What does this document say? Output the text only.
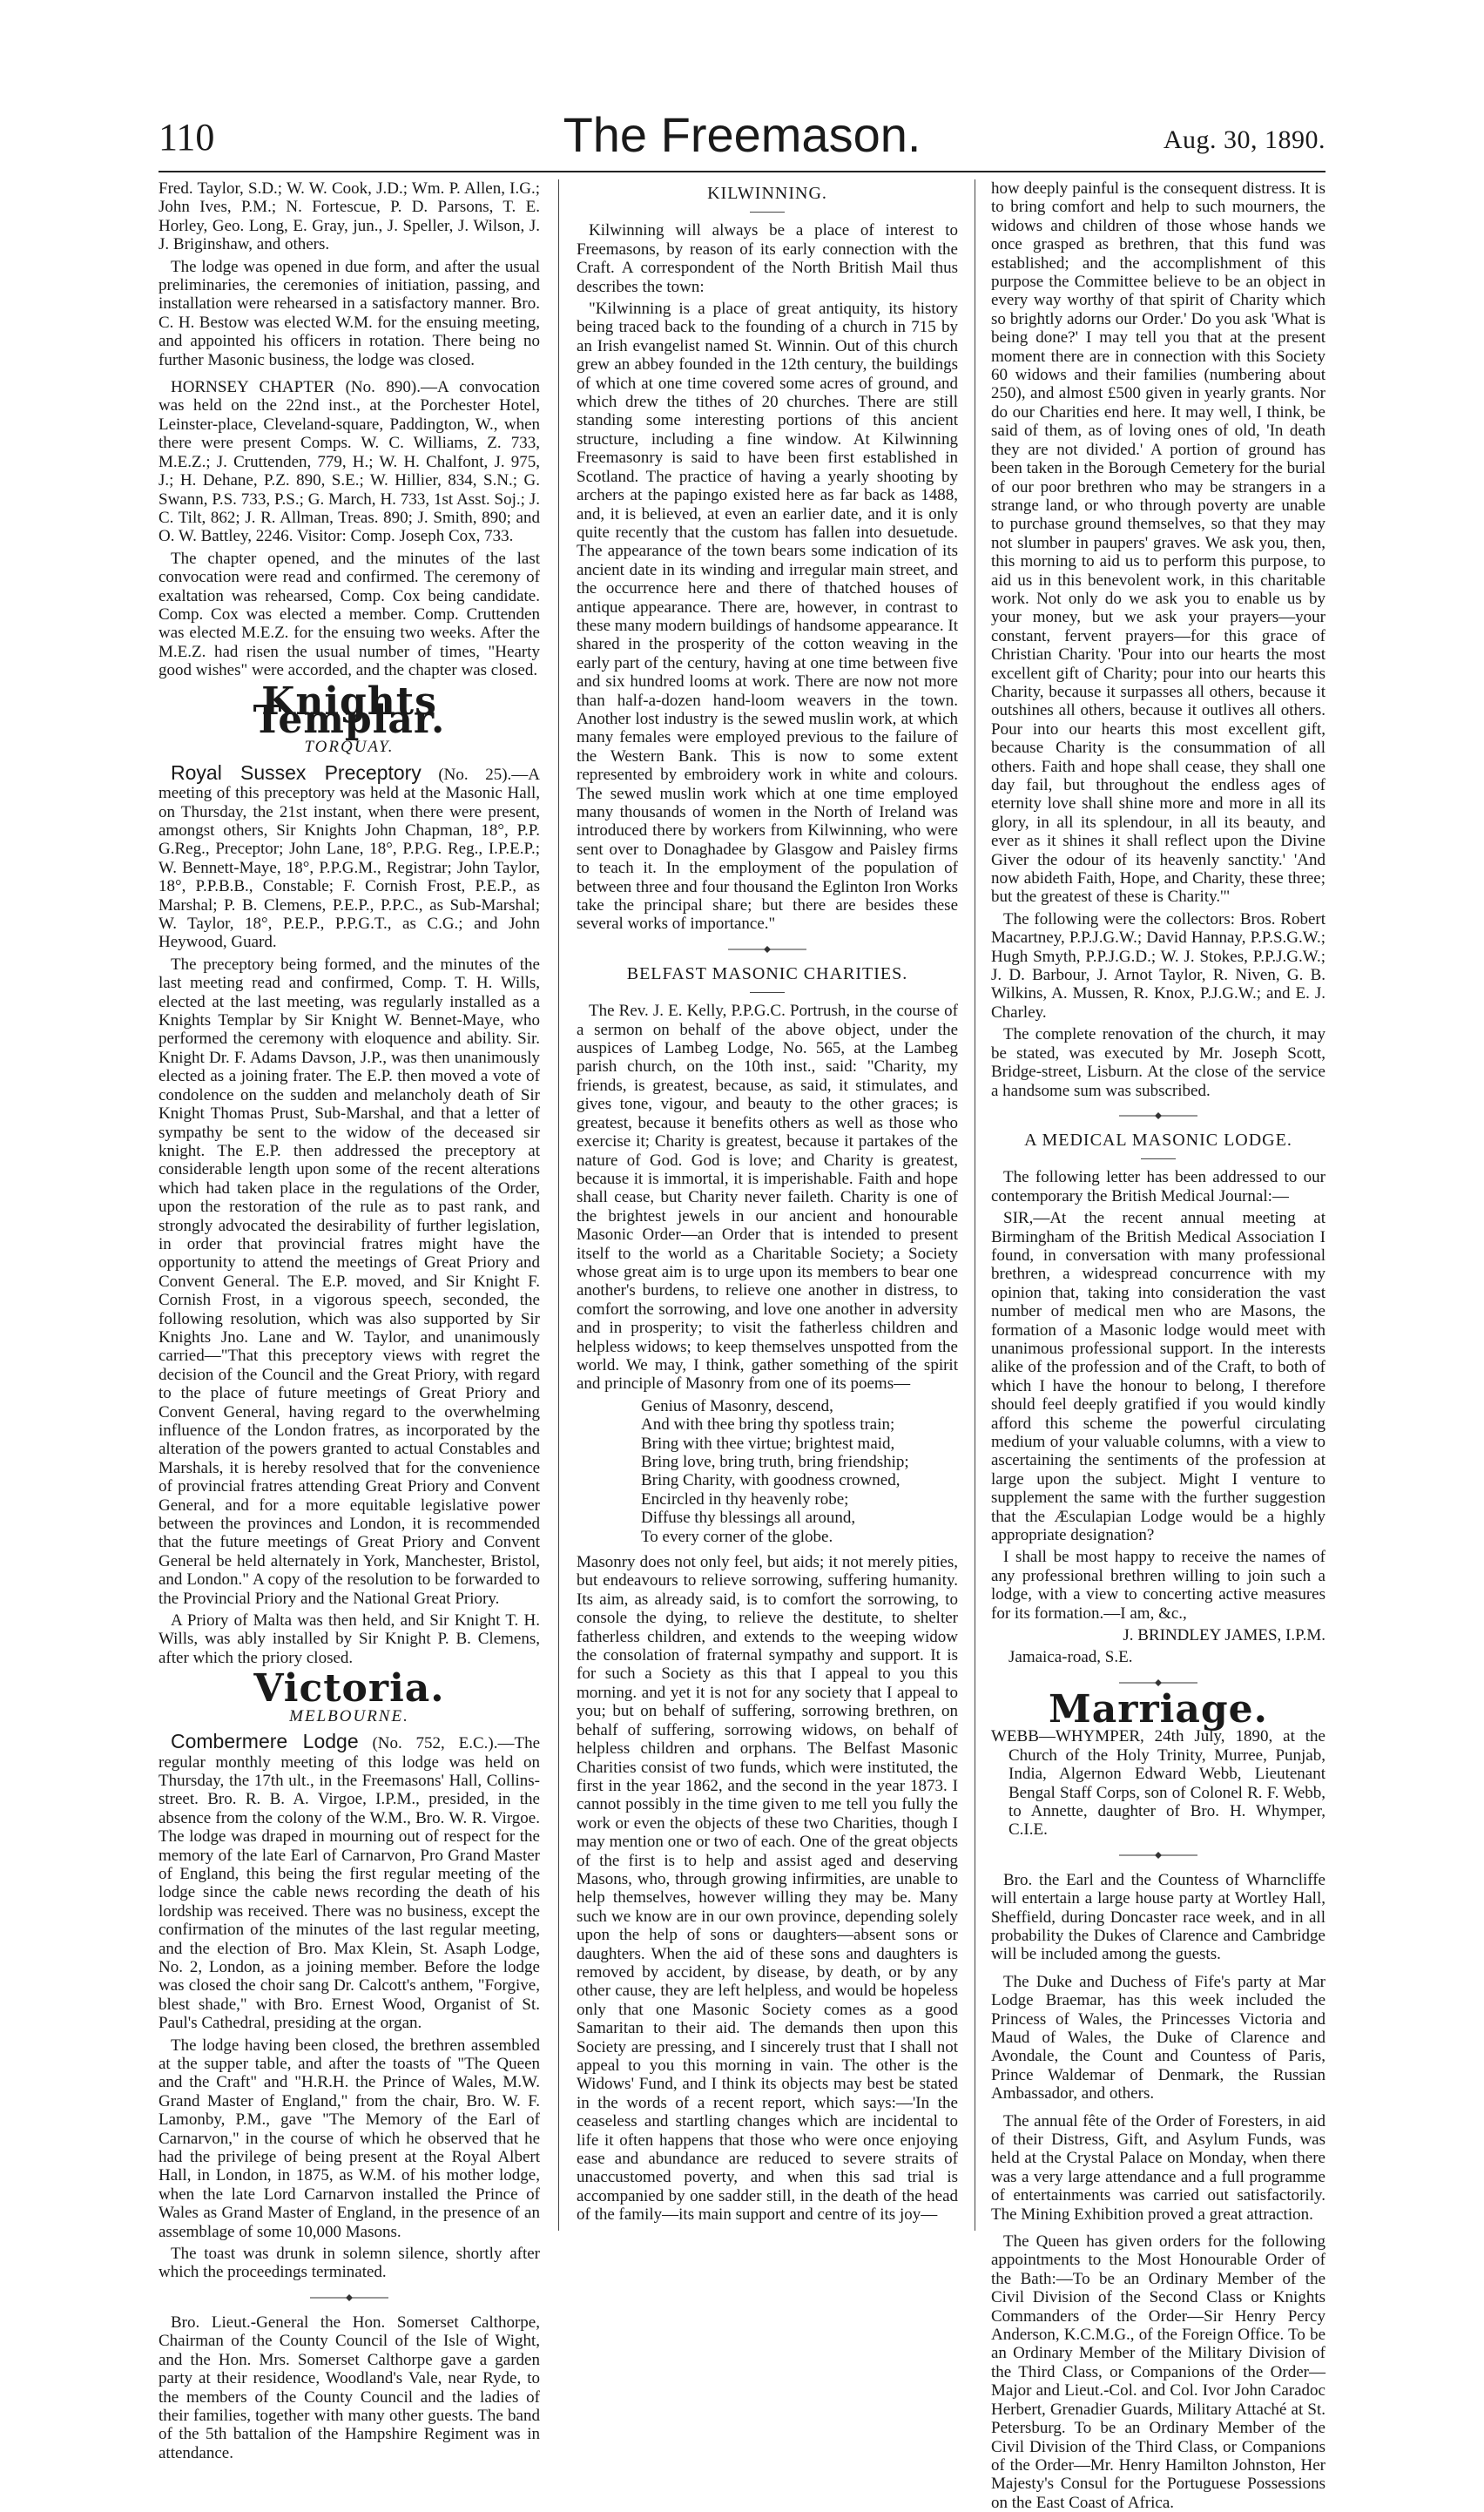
110	The Freemason.	Aug. 30, 1890.

Fred. Taylor, S.D.; W. W. Cook, J.D.; Wm. P. Allen, I.G.; John Ives, P.M.; N. Fortescue, P. D. Parsons, T. E. Horley, Geo. Long, E. Gray, jun., J. Speller, J. Wilson, J. J. Briginshaw, and others.

The lodge was opened in due form, and after the usual preliminaries, the ceremonies of initiation, passing, and installation were rehearsed in a satisfactory manner. Bro. C. H. Bestow was elected W.M. for the ensuing meeting, and appointed his officers in rotation. There being no further Masonic business, the lodge was closed.

HORNSEY CHAPTER (No. 890).—A convocation was held on the 22nd inst., at the Porchester Hotel, Leinster-place, Cleveland-square, Paddington, W., when there were present Comps. W. C. Williams, Z. 733, M.E.Z.; J. Cruttenden, 779, H.; W. H. Chalfont, J. 975, J.; H. Dehane, P.Z. 890, S.E.; W. Hillier, 834, S.N.; G. Swann, P.S. 733, P.S.; G. March, H. 733, 1st Asst. Soj.; J. C. Tilt, 862; J. R. Allman, Treas. 890; J. Smith, 890; and O. W. Battley, 2246. Visitor: Comp. Joseph Cox, 733.

The chapter opened, and the minutes of the last convocation were read and confirmed. The ceremony of exaltation was rehearsed, Comp. Cox being candidate. Comp. Cox was elected a member. Comp. Cruttenden was elected M.E.Z. for the ensuing two weeks. After the M.E.Z. had risen the usual number of times, "Hearty good wishes" were accorded, and the chapter was closed.

Knights Templar.
TORQUAY.

Royal Sussex Preceptory (No. 25).—A meeting of this preceptory was held at the Masonic Hall, on Thursday, the 21st instant, when there were present, amongst others, Sir Knights John Chapman, 18°, P.P. G.Reg., Preceptor; John Lane, 18°, P.P.G. Reg., I.P.E.P.; W. Bennett-Maye, 18°, P.P.G.M., Registrar; John Taylor, 18°, P.P.B.B., Constable; F. Cornish Frost, P.E.P., as Marshal; P. B. Clemens, P.E.P., P.P.C., as Sub-Marshal; W. Taylor, 18°, P.E.P., P.P.G.T., as C.G.; and John Heywood, Guard.

The preceptory being formed, and the minutes of the last meeting read and confirmed, Comp. T. H. Wills, elected at the last meeting, was regularly installed as a Knights Templar by Sir Knight W. Bennet-Maye, who performed the ceremony with eloquence and ability. Sir. Knight Dr. F. Adams Davson, J.P., was then unanimously elected as a joining frater. The E.P. then moved a vote of condolence on the sudden and melancholy death of Sir Knight Thomas Prust, Sub-Marshal, and that a letter of sympathy be sent to the widow of the deceased sir knight. The E.P. then addressed the preceptory at considerable length upon some of the recent alterations which had taken place in the regulations of the Order, upon the restoration of the rule as to past rank, and strongly advocated the desirability of further legislation, in order that provincial fratres might have the opportunity to attend the meetings of Great Priory and Convent General. The E.P. moved, and Sir Knight F. Cornish Frost, in a vigorous speech, seconded, the following resolution, which was also supported by Sir Knights Jno. Lane and W. Taylor, and unanimously carried—"That this preceptory views with regret the decision of the Council and the Great Priory, with regard to the place of future meetings of Great Priory and Convent General, having regard to the overwhelming influence of the London fratres, as incorporated by the alteration of the powers granted to actual Constables and Marshals, it is hereby resolved that for the convenience of provincial fratres attending Great Priory and Convent General, and for a more equitable legislative power between the provinces and London, it is recommended that the future meetings of Great Priory and Convent General be held alternately in York, Manchester, Bristol, and London." A copy of the resolution to be forwarded to the Provincial Priory and the National Great Priory.

A Priory of Malta was then held, and Sir Knight T. H. Wills, was ably installed by Sir Knight P. B. Clemens, after which the priory closed.

Victoria.
MELBOURNE.

Combermere Lodge (No. 752, E.C.).—The regular monthly meeting of this lodge was held on Thursday, the 17th ult., in the Freemasons' Hall, Collins-street. Bro. R. B. A. Virgoe, I.P.M., presided, in the absence from the colony of the W.M., Bro. W. R. Virgoe. The lodge was draped in mourning out of respect for the memory of the late Earl of Carnarvon, Pro Grand Master of England, this being the first regular meeting of the lodge since the cable news recording the death of his lordship was received. There was no business, except the confirmation of the minutes of the last regular meeting, and the election of Bro. Max Klein, St. Asaph Lodge, No. 2, London, as a joining member. Before the lodge was closed the choir sang Dr. Calcott's anthem, "Forgive, blest shade," with Bro. Ernest Wood, Organist of St. Paul's Cathedral, presiding at the organ.

The lodge having been closed, the brethren assembled at the supper table, and after the toasts of "The Queen and the Craft" and "H.R.H. the Prince of Wales, M.W. Grand Master of England," from the chair, Bro. W. F. Lamonby, P.M., gave "The Memory of the Earl of Carnarvon," in the course of which he observed that he had the privilege of being present at the Royal Albert Hall, in London, in 1875, as W.M. of his mother lodge, when the late Lord Carnarvon installed the Prince of Wales as Grand Master of England, in the presence of an assemblage of some 10,000 Masons.

The toast was drunk in solemn silence, shortly after which the proceedings terminated.

Bro. Lieut.-General the Hon. Somerset Calthorpe, Chairman of the County Council of the Isle of Wight, and the Hon. Mrs. Somerset Calthorpe gave a garden party at their residence, Woodland's Vale, near Ryde, to the members of the County Council and the ladies of their families, together with many other guests. The band of the 5th battalion of the Hampshire Regiment was in attendance.

KILWINNING.

Kilwinning will always be a place of interest to Freemasons, by reason of its early connection with the Craft. A correspondent of the North British Mail thus describes the town:

"Kilwinning is a place of great antiquity, its history being traced back to the founding of a church in 715 by an Irish evangelist named St. Winnin. Out of this church grew an abbey founded in the 12th century, the buildings of which at one time covered some acres of ground, and which drew the tithes of 20 churches. There are still standing some interesting portions of this ancient structure, including a fine window. At Kilwinning Freemasonry is said to have been first established in Scotland. The practice of having a yearly shooting by archers at the papingo existed here as far back as 1488, and, it is believed, at even an earlier date, and it is only quite recently that the custom has fallen into desuetude. The appearance of the town bears some indication of its ancient date in its winding and irregular main street, and the occurrence here and there of thatched houses of antique appearance. There are, however, in contrast to these many modern buildings of handsome appearance. It shared in the prosperity of the cotton weaving in the early part of the century, having at one time between five and six hundred looms at work. There are now not more than half-a-dozen hand-loom weavers in the town. Another lost industry is the sewed muslin work, at which many females were employed previous to the failure of the Western Bank. This is now to some extent represented by embroidery work in white and colours. The sewed muslin work which at one time employed many thousands of women in the North of Ireland was introduced there by workers from Kilwinning, who were sent over to Donaghadee by Glasgow and Paisley firms to teach it. In the employment of the population of between three and four thousand the Eglinton Iron Works take the principal share; but there are besides these several works of importance."

BELFAST MASONIC CHARITIES.

The Rev. J. E. Kelly, P.P.G.C. Portrush, in the course of a sermon on behalf of the above object, under the auspices of Lambeg Lodge, No. 565, at the Lambeg parish church, on the 10th inst., said: "Charity, my friends, is greatest, because, as said, it stimulates, and gives tone, vigour, and beauty to the other graces; is greatest, because it benefits others as well as those who exercise it; Charity is greatest, because it partakes of the nature of God. God is love; and Charity is greatest, because it is immortal, it is imperishable. Faith and hope shall cease, but Charity never faileth. Charity is one of the brightest jewels in our ancient and honourable Masonic Order—an Order that is intended to present itself to the world as a Charitable Society; a Society whose great aim is to urge upon its members to bear one another's burdens, to relieve one another in distress, to comfort the sorrowing, and love one another in adversity and in prosperity; to visit the fatherless children and helpless widows; to keep themselves unspotted from the world. We may, I think, gather something of the spirit and principle of Masonry from one of its poems—

Genius of Masonry, descend,
And with thee bring thy spotless train;
Bring with thee virtue; brightest maid,
Bring love, bring truth, bring friendship;
Bring Charity, with goodness crowned,
Encircled in thy heavenly robe;
Diffuse thy blessings all around,
To every corner of the globe.

Masonry does not only feel, but aids; it not merely pities, but endeavours to relieve sorrowing, suffering humanity. Its aim, as already said, is to comfort the sorrowing, to console the dying, to relieve the destitute, to shelter fatherless children, and extends to the weeping widow the consolation of fraternal sympathy and support. It is for such a Society as this that I appeal to you this morning. and yet it is not for any society that I appeal to you; but on behalf of suffering, sorrowing brethren, on behalf of suffering, sorrowing widows, on behalf of helpless children and orphans. The Belfast Masonic Charities consist of two funds, which were instituted, the first in the year 1862, and the second in the year 1873. I cannot possibly in the time given to me tell you fully the work or even the objects of these two Charities, though I may mention one or two of each. One of the great objects of the first is to help and assist aged and deserving Masons, who, through growing infirmities, are unable to help themselves, however willing they may be. Many such we know are in our own province, depending solely upon the help of sons or daughters—absent sons or daughters. When the aid of these sons and daughters is removed by accident, by disease, by death, or by any other cause, they are left helpless, and would be hopeless only that one Masonic Society comes as a good Samaritan to their aid. The demands then upon this Society are pressing, and I sincerely trust that I shall not appeal to you this morning in vain. The other is the Widows' Fund, and I think its objects may best be stated in the words of a recent report, which says:—'In the ceaseless and startling changes which are incidental to life it often happens that those who were once enjoying ease and abundance are reduced to severe straits of unaccustomed poverty, and when this sad trial is accompanied by one sadder still, in the death of the head of the family—its main support and centre of its joy—

how deeply painful is the consequent distress. It is to bring comfort and help to such mourners, the widows and children of those whose hands we once grasped as brethren, that this fund was established; and the accomplishment of this purpose the Committee believe to be an object in every way worthy of that spirit of Charity which so brightly adorns our Order.' Do you ask 'What is being done?' I may tell you that at the present moment there are in connection with this Society 60 widows and their families (numbering about 250), and almost £500 given in yearly grants. Nor do our Charities end here. It may well, I think, be said of them, as of loving ones of old, 'In death they are not divided.' A portion of ground has been taken in the Borough Cemetery for the burial of our poor brethren who may be strangers in a strange land, or who through poverty are unable to purchase ground themselves, so that they may not slumber in paupers' graves. We ask you, then, this morning to aid us to perform this purpose, to aid us in this benevolent work, in this charitable work. Not only do we ask you to enable us by your money, but we ask your prayers—your constant, fervent prayers—for this grace of Christian Charity. 'Pour into our hearts the most excellent gift of Charity; pour into our hearts this Charity, because it surpasses all others, because it outshines all others, because it outlives all others. Pour into our hearts this most excellent gift, because Charity is the consummation of all others. Faith and hope shall cease, they shall one day fail, but throughout the endless ages of eternity love shall shine more and more in all its glory, in all its splendour, in all its beauty, and ever as it shines it shall reflect upon the Divine Giver the odour of its heavenly sanctity.' 'And now abideth Faith, Hope, and Charity, these three; but the greatest of these is Charity.'"

The following were the collectors: Bros. Robert Macartney, P.P.J.G.W.; David Hannay, P.P.S.G.W.; Hugh Smyth, P.P.J.G.D.; W. J. Stokes, P.P.J.G.W.; J. D. Barbour, J. Arnot Taylor, R. Niven, G. B. Wilkins, A. Mussen, R. Knox, P.J.G.W.; and E. J. Charley.

The complete renovation of the church, it may be stated, was executed by Mr. Joseph Scott, Bridge-street, Lisburn. At the close of the service a handsome sum was subscribed.

A MEDICAL MASONIC LODGE.

The following letter has been addressed to our contemporary the British Medical Journal:—

SIR,—At the recent annual meeting at Birmingham of the British Medical Association I found, in conversation with many professional brethren, a widespread concurrence with my opinion that, taking into consideration the vast number of medical men who are Masons, the formation of a Masonic lodge would meet with unanimous professional support. In the interests alike of the profession and of the Craft, to both of which I have the honour to belong, I therefore should feel deeply gratified if you would kindly afford this scheme the powerful circulating medium of your valuable columns, with a view to ascertaining the sentiments of the profession at large upon the subject. Might I venture to supplement the same with the further suggestion that the Æsculapian Lodge would be a highly appropriate designation?

I shall be most happy to receive the names of any professional brethren willing to join such a lodge, with a view to concerting active measures for its formation.—I am, &c.,

J. BRINDLEY JAMES, I.P.M.

Jamaica-road, S.E.

Marriage.

WEBB—WHYMPER, 24th July, 1890, at the Church of the Holy Trinity, Murree, Punjab, India, Algernon Edward Webb, Lieutenant Bengal Staff Corps, son of Colonel R. F. Webb, to Annette, daughter of Bro. H. Whymper, C.I.E.

Bro. the Earl and the Countess of Wharncliffe will entertain a large house party at Wortley Hall, Sheffield, during Doncaster race week, and in all probability the Dukes of Clarence and Cambridge will be included among the guests.

The Duke and Duchess of Fife's party at Mar Lodge Braemar, has this week included the Princess of Wales, the Princesses Victoria and Maud of Wales, the Duke of Clarence and Avondale, the Count and Countess of Paris, Prince Waldemar of Denmark, the Russian Ambassador, and others.

The annual fête of the Order of Foresters, in aid of their Distress, Gift, and Asylum Funds, was held at the Crystal Palace on Monday, when there was a very large attendance and a full programme of entertainments was carried out satisfactorily. The Mining Exhibition proved a great attraction.

The Queen has given orders for the following appointments to the Most Honourable Order of the Bath:—To be an Ordinary Member of the Civil Division of the Second Class or Knights Commanders of the Order—Sir Henry Percy Anderson, K.C.M.G., of the Foreign Office. To be an Ordinary Member of the Military Division of the Third Class, or Companions of the Order—Major and Lieut.-Col. and Col. Ivor John Caradoc Herbert, Grenadier Guards, Military Attaché at St. Petersburg. To be an Ordinary Member of the Civil Division of the Third Class, or Companions of the Order—Mr. Henry Hamilton Johnston, Her Majesty's Consul for the Portuguese Possessions on the East Coast of Africa.
